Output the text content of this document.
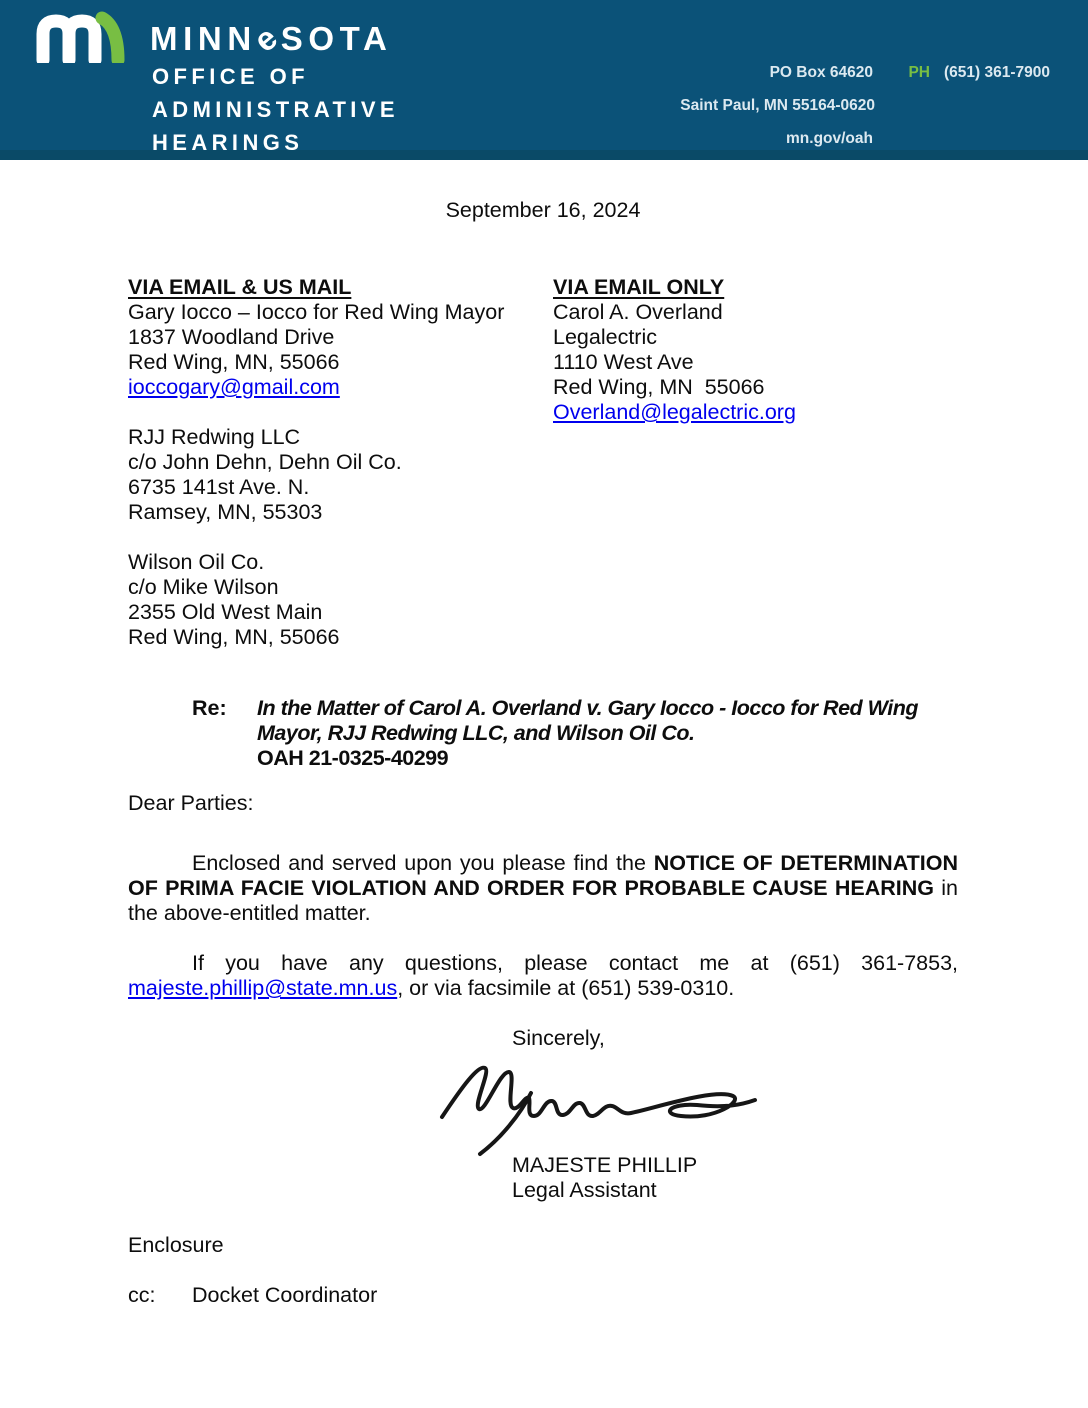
MINNeSOTA
OFFICE OF
ADMINISTRATIVE
HEARINGS
PO Box 64620 PH (651) 361-7900
Saint Paul, MN 55164-0620
mn.gov/oah
September 16, 2024
VIA EMAIL & US MAIL
Gary Iocco – Iocco for Red Wing Mayor
1837 Woodland Drive
Red Wing, MN, 55066
ioccogary@gmail.com
RJJ Redwing LLC
c/o John Dehn, Dehn Oil Co.
6735 141st Ave. N.
Ramsey, MN, 55303
Wilson Oil Co.
c/o Mike Wilson
2355 Old West Main
Red Wing, MN, 55066
VIA EMAIL ONLY
Carol A. Overland
Legalectric
1110 West Ave
Red Wing, MN  55066
Overland@legalectric.org
Re:	In the Matter of Carol A. Overland v. Gary Iocco - Iocco for Red Wing Mayor, RJJ Redwing LLC, and Wilson Oil Co.
OAH 21-0325-40299
Dear Parties:
Enclosed and served upon you please find the NOTICE OF DETERMINATION OF PRIMA FACIE VIOLATION AND ORDER FOR PROBABLE CAUSE HEARING in the above-entitled matter.
If you have any questions, please contact me at (651) 361-7853, majeste.phillip@state.mn.us, or via facsimile at (651) 539-0310.
Sincerely,
MAJESTE PHILLIP
Legal Assistant
Enclosure
cc:	Docket Coordinator
